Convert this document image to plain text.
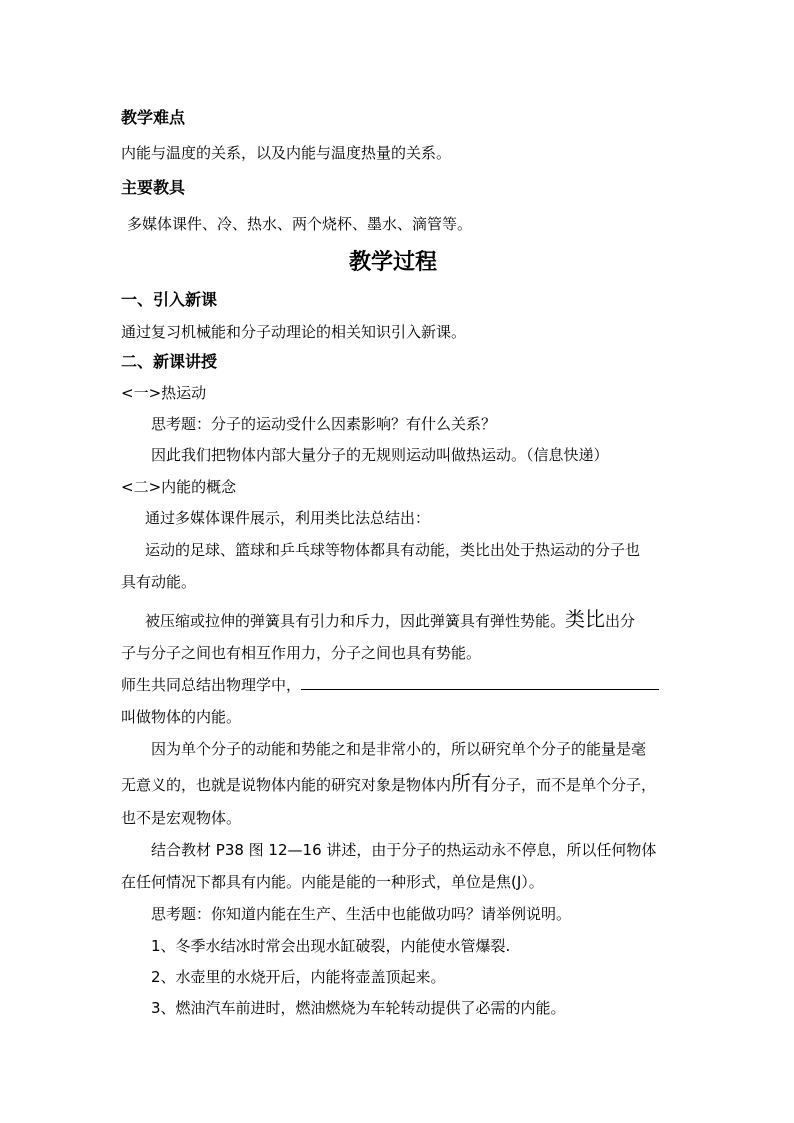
教学难点
内能与温度的关系，以及内能与温度热量的关系。
主要教具
多媒体课件、冷、热水、两个烧杯、墨水、滴管等。
教学过程
一、引入新课
通过复习机械能和分子动理论的相关知识引入新课。
二、新课讲授
<一>热运动
思考题：分子的运动受什么因素影响？有什么关系？
因此我们把物体内部大量分子的无规则运动叫做热运动。（信息快递）
<二>内能的概念
通过多媒体课件展示，利用类比法总结出：
运动的足球、篮球和乒乓球等物体都具有动能，类比出处于热运动的分子也
具有动能。
被压缩或拉伸的弹簧具有引力和斥力，因此弹簧具有弹性势能。类比出分
子与分子之间也有相互作用力，分子之间也具有势能。
师生共同总结出物理学中，
叫做物体的内能。
因为单个分子的动能和势能之和是非常小的，所以研究单个分子的能量是毫
无意义的，也就是说物体内能的研究对象是物体内所有分子，而不是单个分子，
也不是宏观物体。
结合教材 P38 图 12—16 讲述，由于分子的热运动永不停息，所以任何物体
在任何情况下都具有内能。内能是能的一种形式，单位是焦(J）。
思考题：你知道内能在生产、生活中也能做功吗？请举例说明。
1、冬季水结冰时常会出现水缸破裂，内能使水管爆裂.
2、水壶里的水烧开后，内能将壶盖顶起来。
3、燃油汽车前进时，燃油燃烧为车轮转动提供了必需的内能。
